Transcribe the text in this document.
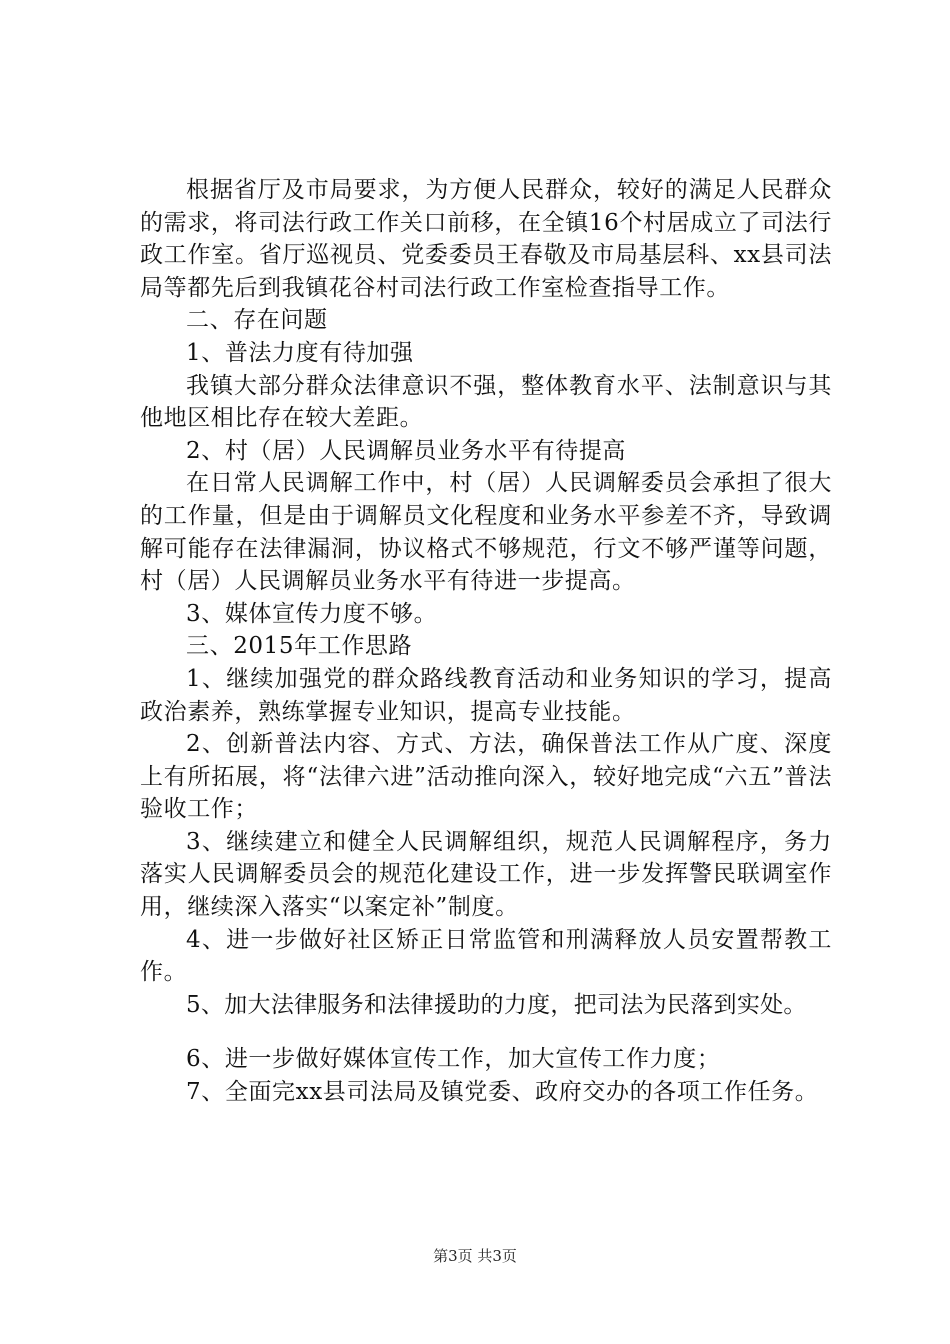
根据省厅及市局要求，为方便人民群众，较好的满足人民群众的需求，将司法行政工作关口前移，在全镇16个村居成立了司法行政工作室。省厅巡视员、党委委员王春敬及市局基层科、xx县司法局等都先后到我镇花谷村司法行政工作室检查指导工作。

二、存在问题

1、普法力度有待加强

我镇大部分群众法律意识不强，整体教育水平、法制意识与其他地区相比存在较大差距。

2、村（居）人民调解员业务水平有待提高

在日常人民调解工作中，村（居）人民调解委员会承担了很大的工作量，但是由于调解员文化程度和业务水平参差不齐，导致调解可能存在法律漏洞，协议格式不够规范，行文不够严谨等问题，村（居）人民调解员业务水平有待进一步提高。

3、媒体宣传力度不够。

三、2015年工作思路

1、继续加强党的群众路线教育活动和业务知识的学习，提高政治素养，熟练掌握专业知识，提高专业技能。

2、创新普法内容、方式、方法，确保普法工作从广度、深度上有所拓展，将“法律六进”活动推向深入，较好地完成“六五”普法验收工作；

3、继续建立和健全人民调解组织，规范人民调解程序，务力落实人民调解委员会的规范化建设工作，进一步发挥警民联调室作用，继续深入落实“以案定补”制度。

4、进一步做好社区矫正日常监管和刑满释放人员安置帮教工作。

5、加大法律服务和法律援助的力度，把司法为民落到实处。

6、进一步做好媒体宣传工作，加大宣传工作力度；

7、全面完xx县司法局及镇党委、政府交办的各项工作任务。

第3页 共3页
